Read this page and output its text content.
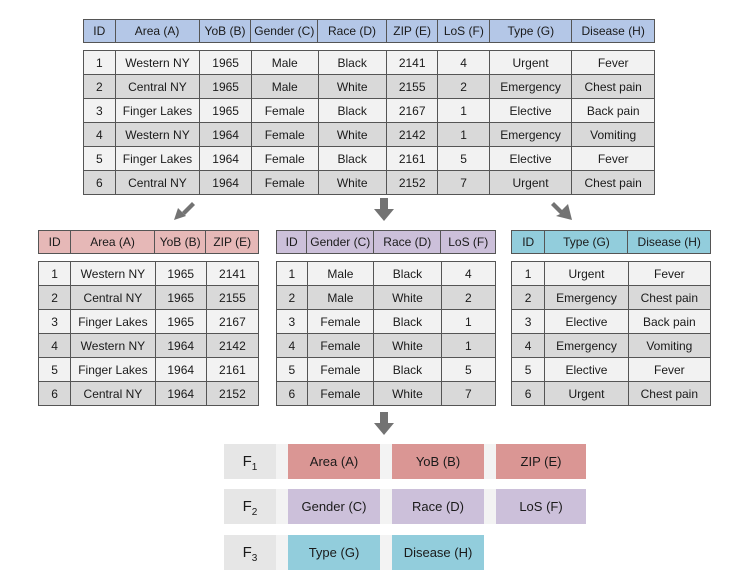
ID	Area (A)	YoB (B)	Gender (C)	Race (D)	ZIP (E)	LoS (F)	Type (G)	Disease (H)
1	Western NY	1965	Male	Black	2141	4	Urgent	Fever
2	Central NY	1965	Male	White	2155	2	Emergency	Chest pain
3	Finger Lakes	1965	Female	Black	2167	1	Elective	Back pain
4	Western NY	1964	Female	White	2142	1	Emergency	Vomiting
5	Finger Lakes	1964	Female	Black	2161	5	Elective	Fever
6	Central NY	1964	Female	White	2152	7	Urgent	Chest pain
ID	Area (A)	YoB (B)	ZIP (E)
1	Western NY	1965	2141
2	Central NY	1965	2155
3	Finger Lakes	1965	2167
4	Western NY	1964	2142
5	Finger Lakes	1964	2161
6	Central NY	1964	2152
ID	Gender (C)	Race (D)	LoS (F)
1	Male	Black	4
2	Male	White	2
3	Female	Black	1
4	Female	White	1
5	Female	Black	5
6	Female	White	7
ID	Type (G)	Disease (H)
1	Urgent	Fever
2	Emergency	Chest pain
3	Elective	Back pain
4	Emergency	Vomiting
5	Elective	Fever
6	Urgent	Chest pain
$F_1$	Area (A)	YoB (B)	ZIP (E)
$F_2$	Gender (C)	Race (D)	LoS (F)
$F_3$	Type (G)	Disease (H)
